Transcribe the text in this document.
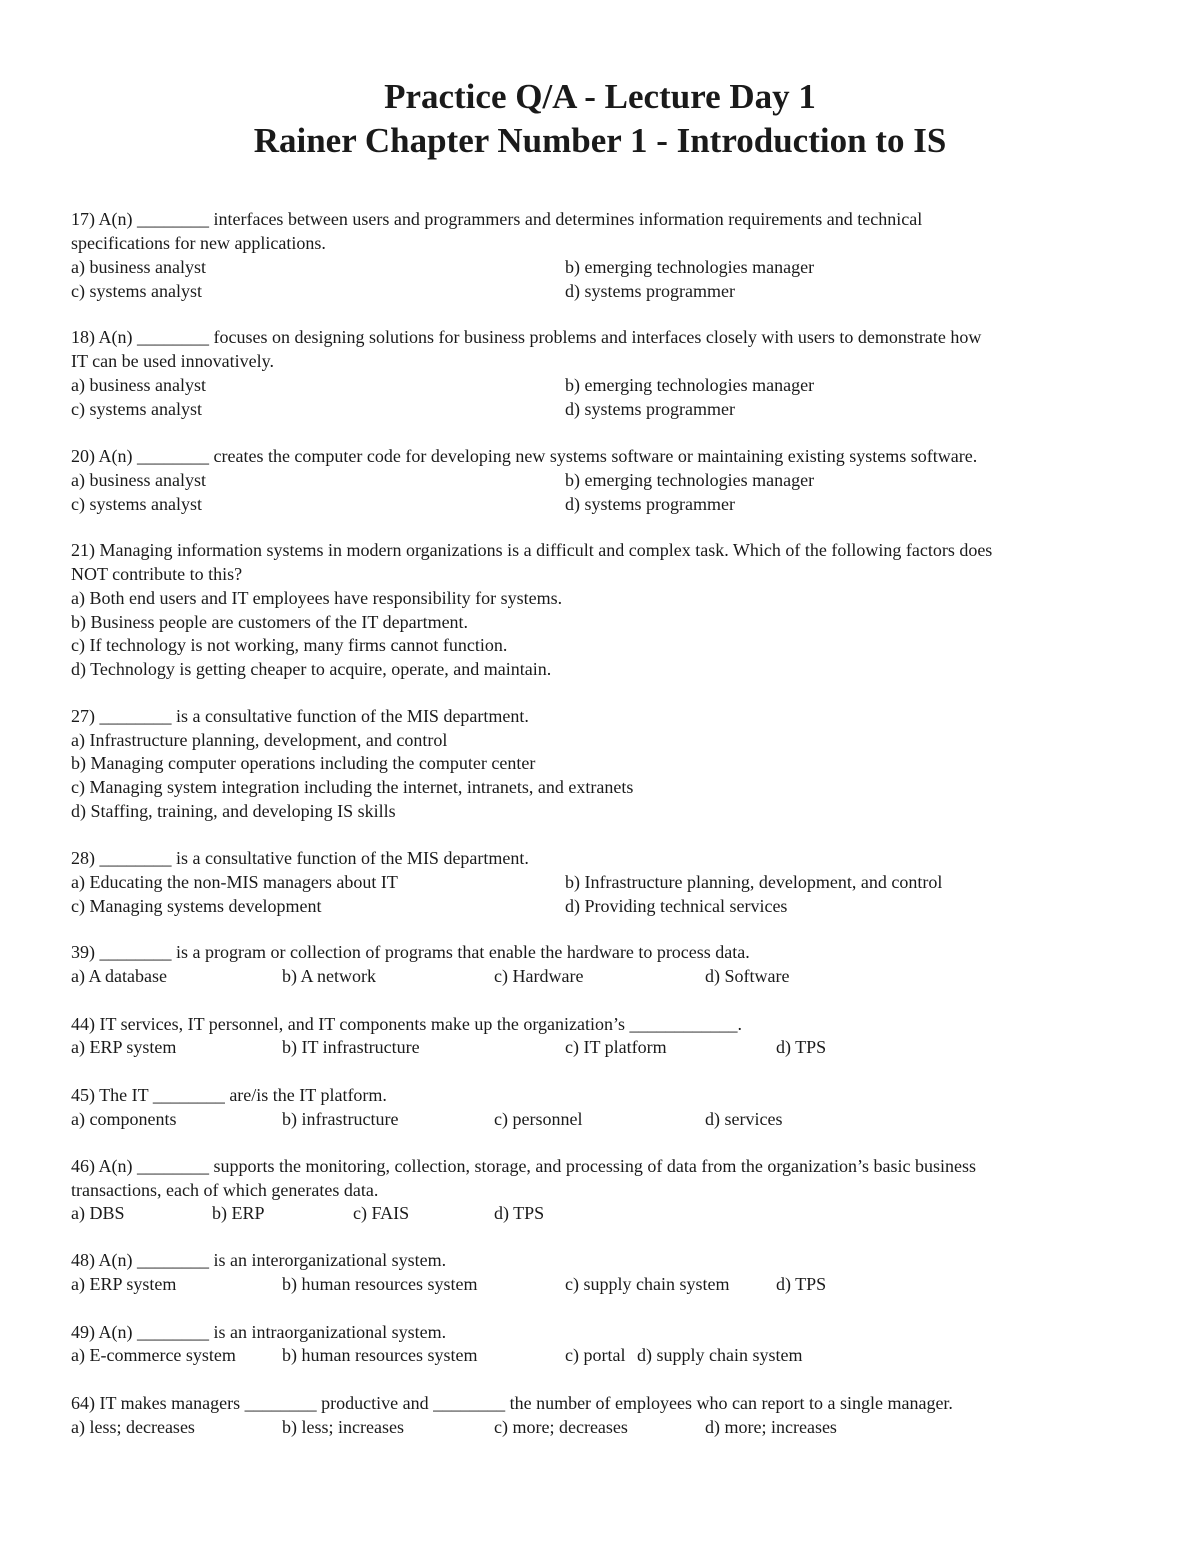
Practice Q/A - Lecture Day 1
Rainer Chapter Number 1 - Introduction to IS
17) A(n) ________ interfaces between users and programmers and determines information requirements and technical
specifications for new applications.
a) business analyst	b) emerging technologies manager
c) systems analyst	d) systems programmer
18) A(n) ________ focuses on designing solutions for business problems and interfaces closely with users to demonstrate how
IT can be used innovatively.
a) business analyst	b) emerging technologies manager
c) systems analyst	d) systems programmer
20) A(n) ________ creates the computer code for developing new systems software or maintaining existing systems software.
a) business analyst	b) emerging technologies manager
c) systems analyst	d) systems programmer
21) Managing information systems in modern organizations is a difficult and complex task. Which of the following factors does
NOT contribute to this?
a) Both end users and IT employees have responsibility for systems.
b) Business people are customers of the IT department.
c) If technology is not working, many firms cannot function.
d) Technology is getting cheaper to acquire, operate, and maintain.
27) ________ is a consultative function of the MIS department.
a) Infrastructure planning, development, and control
b) Managing computer operations including the computer center
c) Managing system integration including the internet, intranets, and extranets
d) Staffing, training, and developing IS skills
28) ________ is a consultative function of the MIS department.
a) Educating the non-MIS managers about IT	b) Infrastructure planning, development, and control
c) Managing systems development	d) Providing technical services
39) ________ is a program or collection of programs that enable the hardware to process data.
a) A database	b) A network	c) Hardware	d) Software
44) IT services, IT personnel, and IT components make up the organization’s ____________.
a) ERP system	b) IT infrastructure	c) IT platform	d) TPS
45) The IT ________ are/is the IT platform.
a) components	b) infrastructure	c) personnel	d) services
46) A(n) ________ supports the monitoring, collection, storage, and processing of data from the organization’s basic business
transactions, each of which generates data.
a) DBS	b) ERP	c) FAIS	d) TPS
48) A(n) ________ is an interorganizational system.
a) ERP system	b) human resources system	c) supply chain system	d) TPS
49) A(n) ________ is an intraorganizational system.
a) E-commerce system	b) human resources system	c) portal d) supply chain system
64) IT makes managers ________ productive and ________ the number of employees who can report to a single manager.
a) less; decreases	b) less; increases	c) more; decreases	d) more; increases
